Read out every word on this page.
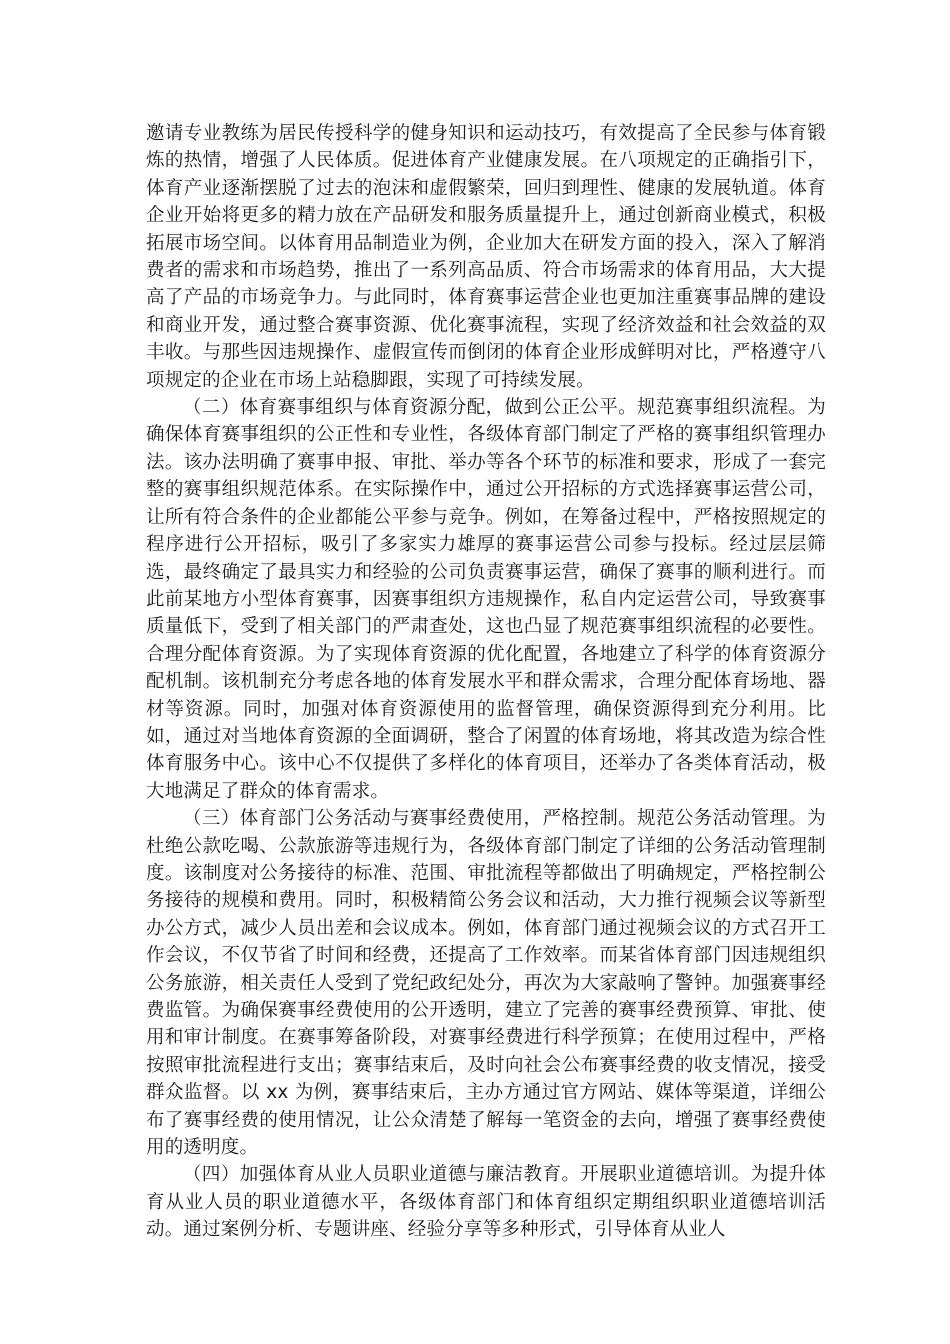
邀请专业教练为居民传授科学的健身知识和运动技巧，有效提高了全民参与体育锻炼的热情，增强了人民体质。促进体育产业健康发展。在八项规定的正确指引下，体育产业逐渐摆脱了过去的泡沫和虚假繁荣，回归到理性、健康的发展轨道。体育企业开始将更多的精力放在产品研发和服务质量提升上，通过创新商业模式，积极拓展市场空间。以体育用品制造业为例，企业加大在研发方面的投入，深入了解消费者的需求和市场趋势，推出了一系列高品质、符合市场需求的体育用品，大大提高了产品的市场竞争力。与此同时，体育赛事运营企业也更加注重赛事品牌的建设和商业开发，通过整合赛事资源、优化赛事流程，实现了经济效益和社会效益的双丰收。与那些因违规操作、虚假宣传而倒闭的体育企业形成鲜明对比，严格遵守八项规定的企业在市场上站稳脚跟，实现了可持续发展。

（二）体育赛事组织与体育资源分配，做到公正公平。规范赛事组织流程。为确保体育赛事组织的公正性和专业性，各级体育部门制定了严格的赛事组织管理办法。该办法明确了赛事申报、审批、举办等各个环节的标准和要求，形成了一套完整的赛事组织规范体系。在实际操作中，通过公开招标的方式选择赛事运营公司，让所有符合条件的企业都能公平参与竞争。例如，在筹备过程中，严格按照规定的程序进行公开招标，吸引了多家实力雄厚的赛事运营公司参与投标。经过层层筛选，最终确定了最具实力和经验的公司负责赛事运营，确保了赛事的顺利进行。而此前某地方小型体育赛事，因赛事组织方违规操作，私自内定运营公司，导致赛事质量低下，受到了相关部门的严肃查处，这也凸显了规范赛事组织流程的必要性。合理分配体育资源。为了实现体育资源的优化配置，各地建立了科学的体育资源分配机制。该机制充分考虑各地的体育发展水平和群众需求，合理分配体育场地、器材等资源。同时，加强对体育资源使用的监督管理，确保资源得到充分利用。比如，通过对当地体育资源的全面调研，整合了闲置的体育场地，将其改造为综合性体育服务中心。该中心不仅提供了多样化的体育项目，还举办了各类体育活动，极大地满足了群众的体育需求。

（三）体育部门公务活动与赛事经费使用，严格控制。规范公务活动管理。为杜绝公款吃喝、公款旅游等违规行为，各级体育部门制定了详细的公务活动管理制度。该制度对公务接待的标准、范围、审批流程等都做出了明确规定，严格控制公务接待的规模和费用。同时，积极精简公务会议和活动，大力推行视频会议等新型办公方式，减少人员出差和会议成本。例如，体育部门通过视频会议的方式召开工作会议，不仅节省了时间和经费，还提高了工作效率。而某省体育部门因违规组织公务旅游，相关责任人受到了党纪政纪处分，再次为大家敲响了警钟。加强赛事经费监管。为确保赛事经费使用的公开透明，建立了完善的赛事经费预算、审批、使用和审计制度。在赛事筹备阶段，对赛事经费进行科学预算；在使用过程中，严格按照审批流程进行支出；赛事结束后，及时向社会公布赛事经费的收支情况，接受群众监督。以 xx 为例，赛事结束后，主办方通过官方网站、媒体等渠道，详细公布了赛事经费的使用情况，让公众清楚了解每一笔资金的去向，增强了赛事经费使用的透明度。

（四）加强体育从业人员职业道德与廉洁教育。开展职业道德培训。为提升体育从业人员的职业道德水平，各级体育部门和体育组织定期组织职业道德培训活动。通过案例分析、专题讲座、经验分享等多种形式，引导体育从业人
